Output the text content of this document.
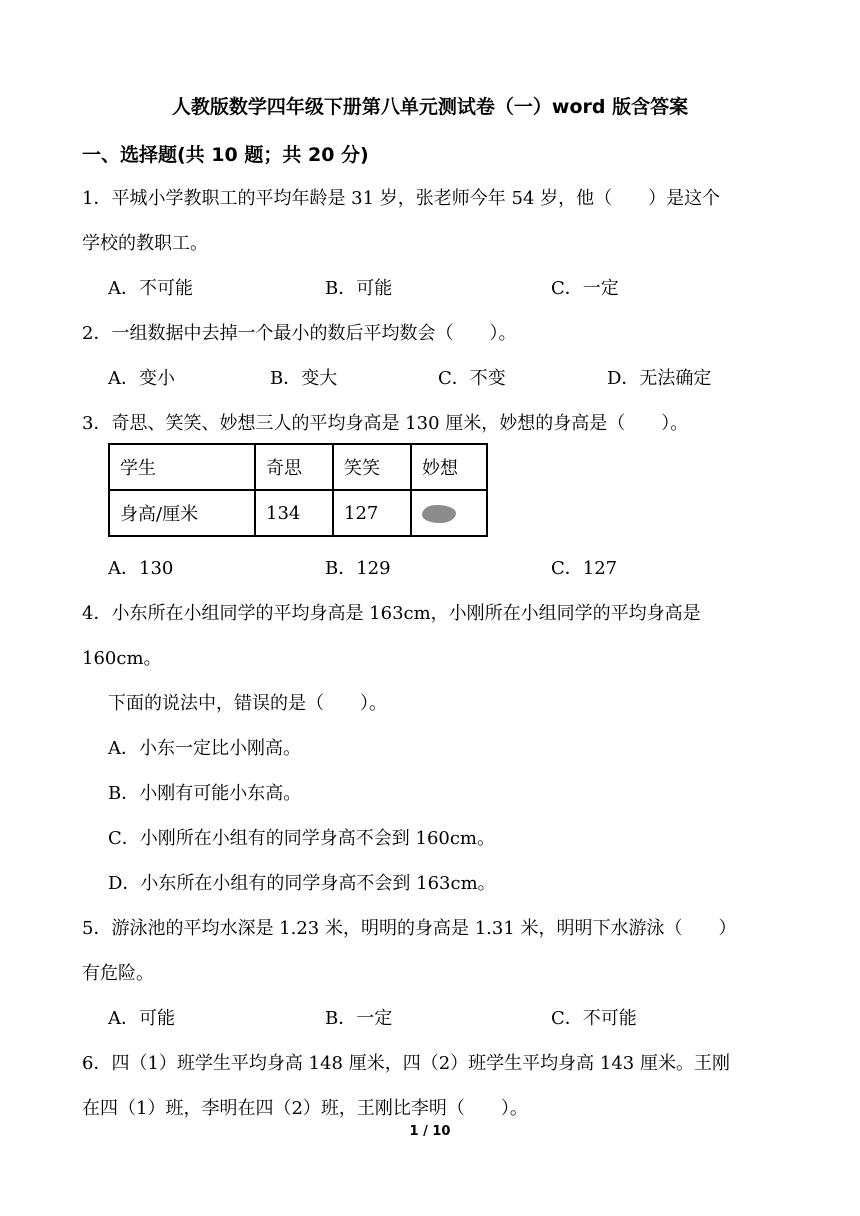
人教版数学四年级下册第八单元测试卷（一）word 版含答案
一、选择题(共 10 题；共 20 分)
1．平城小学教职工的平均年龄是 31 岁，张老师今年 54 岁，他（　　）是这个
学校的教职工。
A．不可能	B．可能	C．一定
2．一组数据中去掉一个最小的数后平均数会（　　）。
A．变小	B．变大	C．不变	D．无法确定
3．奇思、笑笑、妙想三人的平均身高是 130 厘米，妙想的身高是（　　）。
学生	奇思	笑笑	妙想
身高/厘米	134	127	
A．130	B．129	C．127
4．小东所在小组同学的平均身高是 163cm，小刚所在小组同学的平均身高是
160cm。
下面的说法中，错误的是（　　）。
A．小东一定比小刚高。
B．小刚有可能小东高。
C．小刚所在小组有的同学身高不会到 160cm。
D．小东所在小组有的同学身高不会到 163cm。
5．游泳池的平均水深是 1.23 米，明明的身高是 1.31 米，明明下水游泳（　　）
有危险。
A．可能	B．一定	C．不可能
6．四（1）班学生平均身高 148 厘米，四（2）班学生平均身高 143 厘米。王刚
在四（1）班，李明在四（2）班，王刚比李明（　　）。
1 / 10
